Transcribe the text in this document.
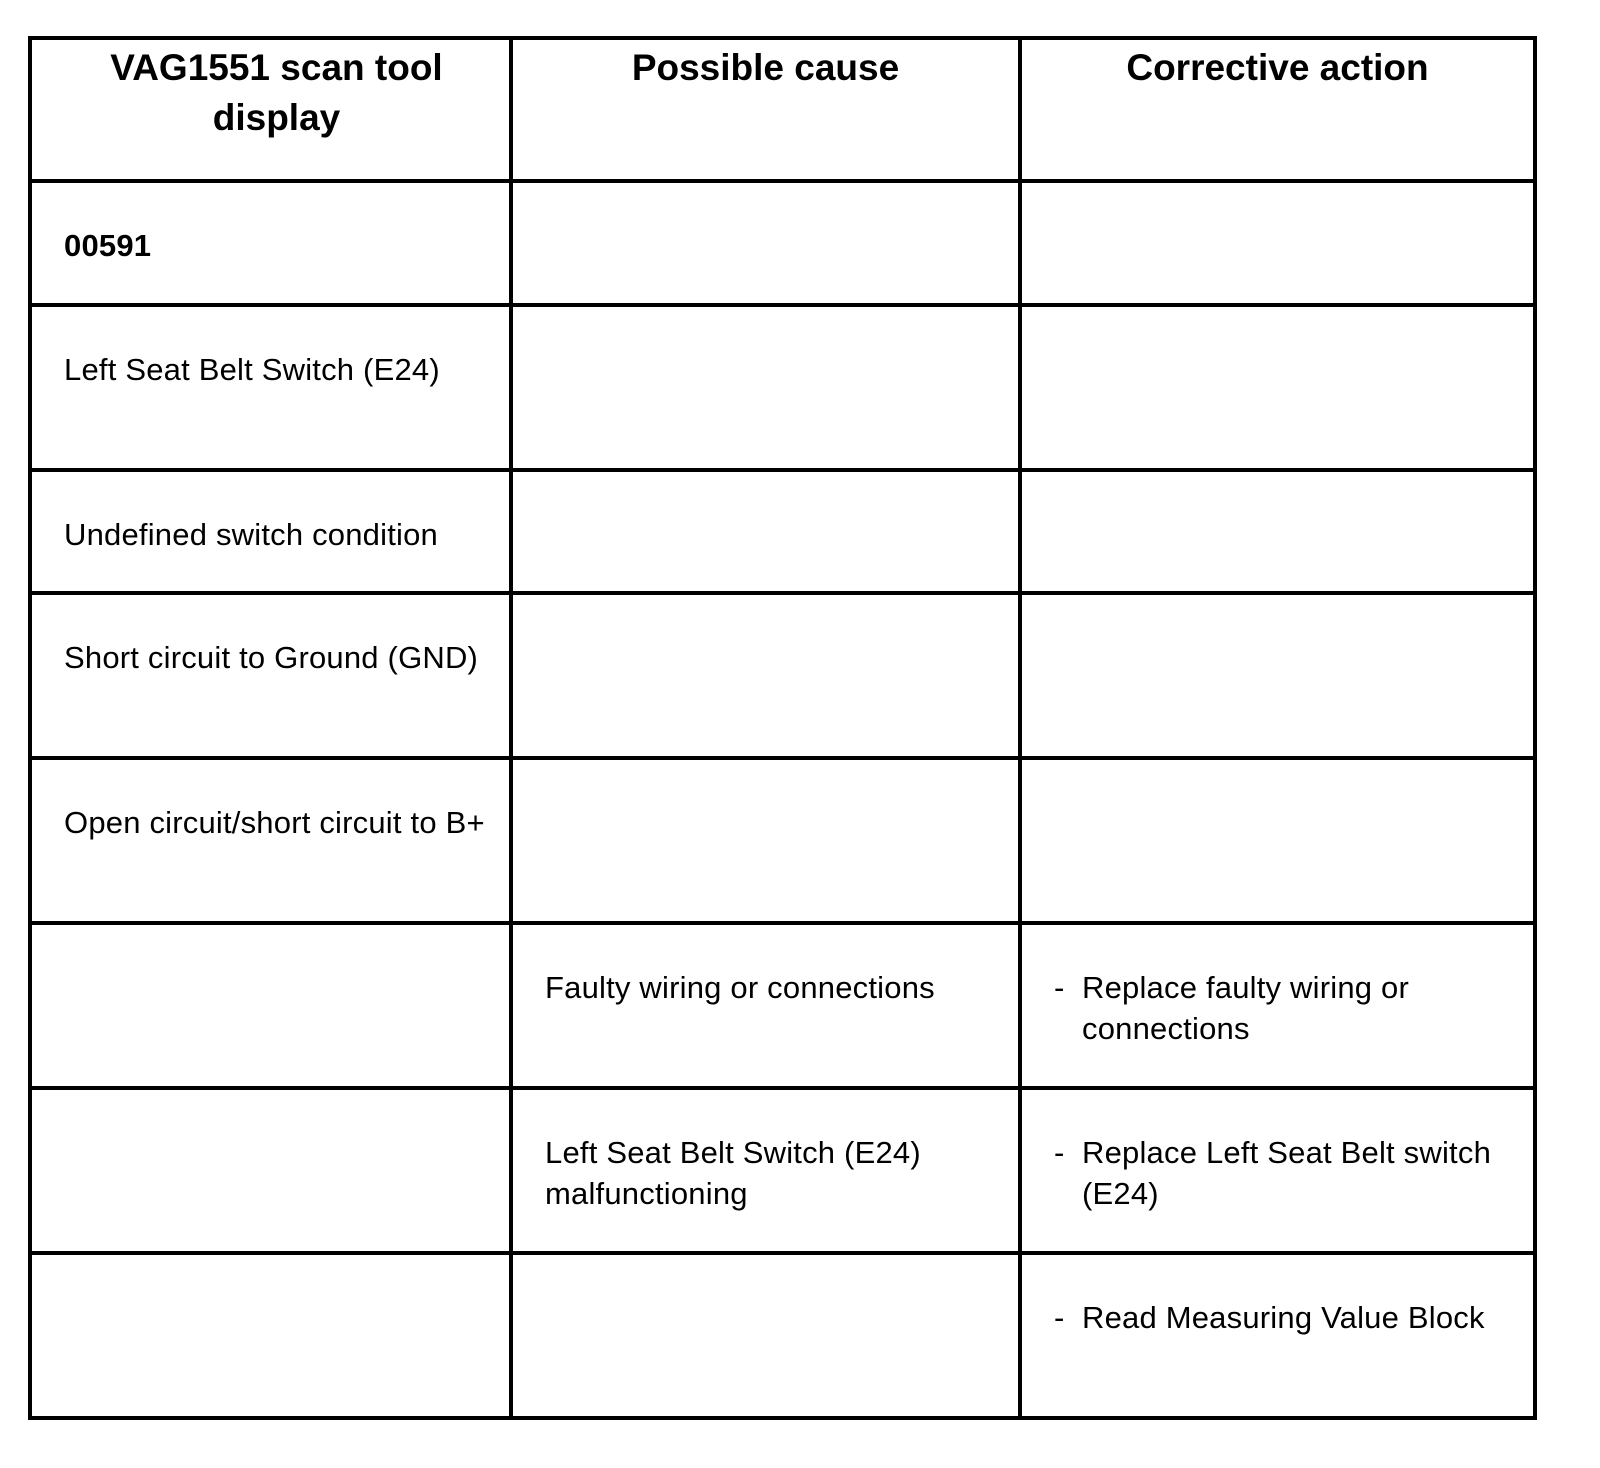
VAG1551 scan tool display	Possible cause	Corrective action

00591		

Left Seat Belt Switch (E24)		

Undefined switch condition		

Short circuit to Ground (GND)		

Open circuit/short circuit to B+		

	Faulty wiring or connections	- Replace faulty wiring or connections

	Left Seat Belt Switch (E24) malfunctioning	- Replace Left Seat Belt switch (E24)

		- Read Measuring Value Block
